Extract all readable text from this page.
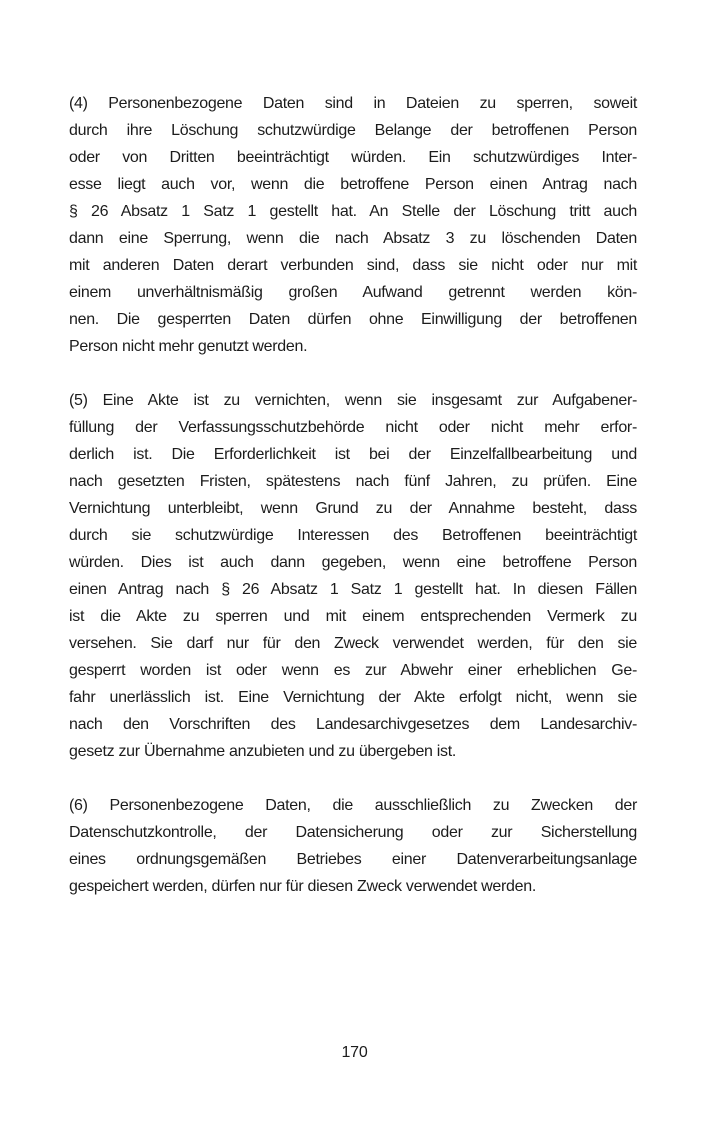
(4) Personenbezogene Daten sind in Dateien zu sperren, soweit
durch ihre Löschung schutzwürdige Belange der betroffenen Person
oder von Dritten beeinträchtigt würden. Ein schutzwürdiges Inter-
esse liegt auch vor, wenn die betroffene Person einen Antrag nach
§ 26 Absatz 1 Satz 1 gestellt hat. An Stelle der Löschung tritt auch
dann eine Sperrung, wenn die nach Absatz 3 zu löschenden Daten
mit anderen Daten derart verbunden sind, dass sie nicht oder nur mit
einem unverhältnismäßig großen Aufwand getrennt werden kön-
nen. Die gesperrten Daten dürfen ohne Einwilligung der betroffenen
Person nicht mehr genutzt werden.
(5) Eine Akte ist zu vernichten, wenn sie insgesamt zur Aufgabener-
füllung der Verfassungsschutzbehörde nicht oder nicht mehr erfor-
derlich ist. Die Erforderlichkeit ist bei der Einzelfallbearbeitung und
nach gesetzten Fristen, spätestens nach fünf Jahren, zu prüfen. Eine
Vernichtung unterbleibt, wenn Grund zu der Annahme besteht, dass
durch sie schutzwürdige Interessen des Betroffenen beeinträchtigt
würden. Dies ist auch dann gegeben, wenn eine betroffene Person
einen Antrag nach § 26 Absatz 1 Satz 1 gestellt hat. In diesen Fällen
ist die Akte zu sperren und mit einem entsprechenden Vermerk zu
versehen. Sie darf nur für den Zweck verwendet werden, für den sie
gesperrt worden ist oder wenn es zur Abwehr einer erheblichen Ge-
fahr unerlässlich ist. Eine Vernichtung der Akte erfolgt nicht, wenn sie
nach den Vorschriften des Landesarchivgesetzes dem Landesarchiv-
gesetz zur Übernahme anzubieten und zu übergeben ist.
(6) Personenbezogene Daten, die ausschließlich zu Zwecken der
Datenschutzkontrolle, der Datensicherung oder zur Sicherstellung
eines ordnungsgemäßen Betriebes einer Datenverarbeitungsanlage
gespeichert werden, dürfen nur für diesen Zweck verwendet werden.
170
